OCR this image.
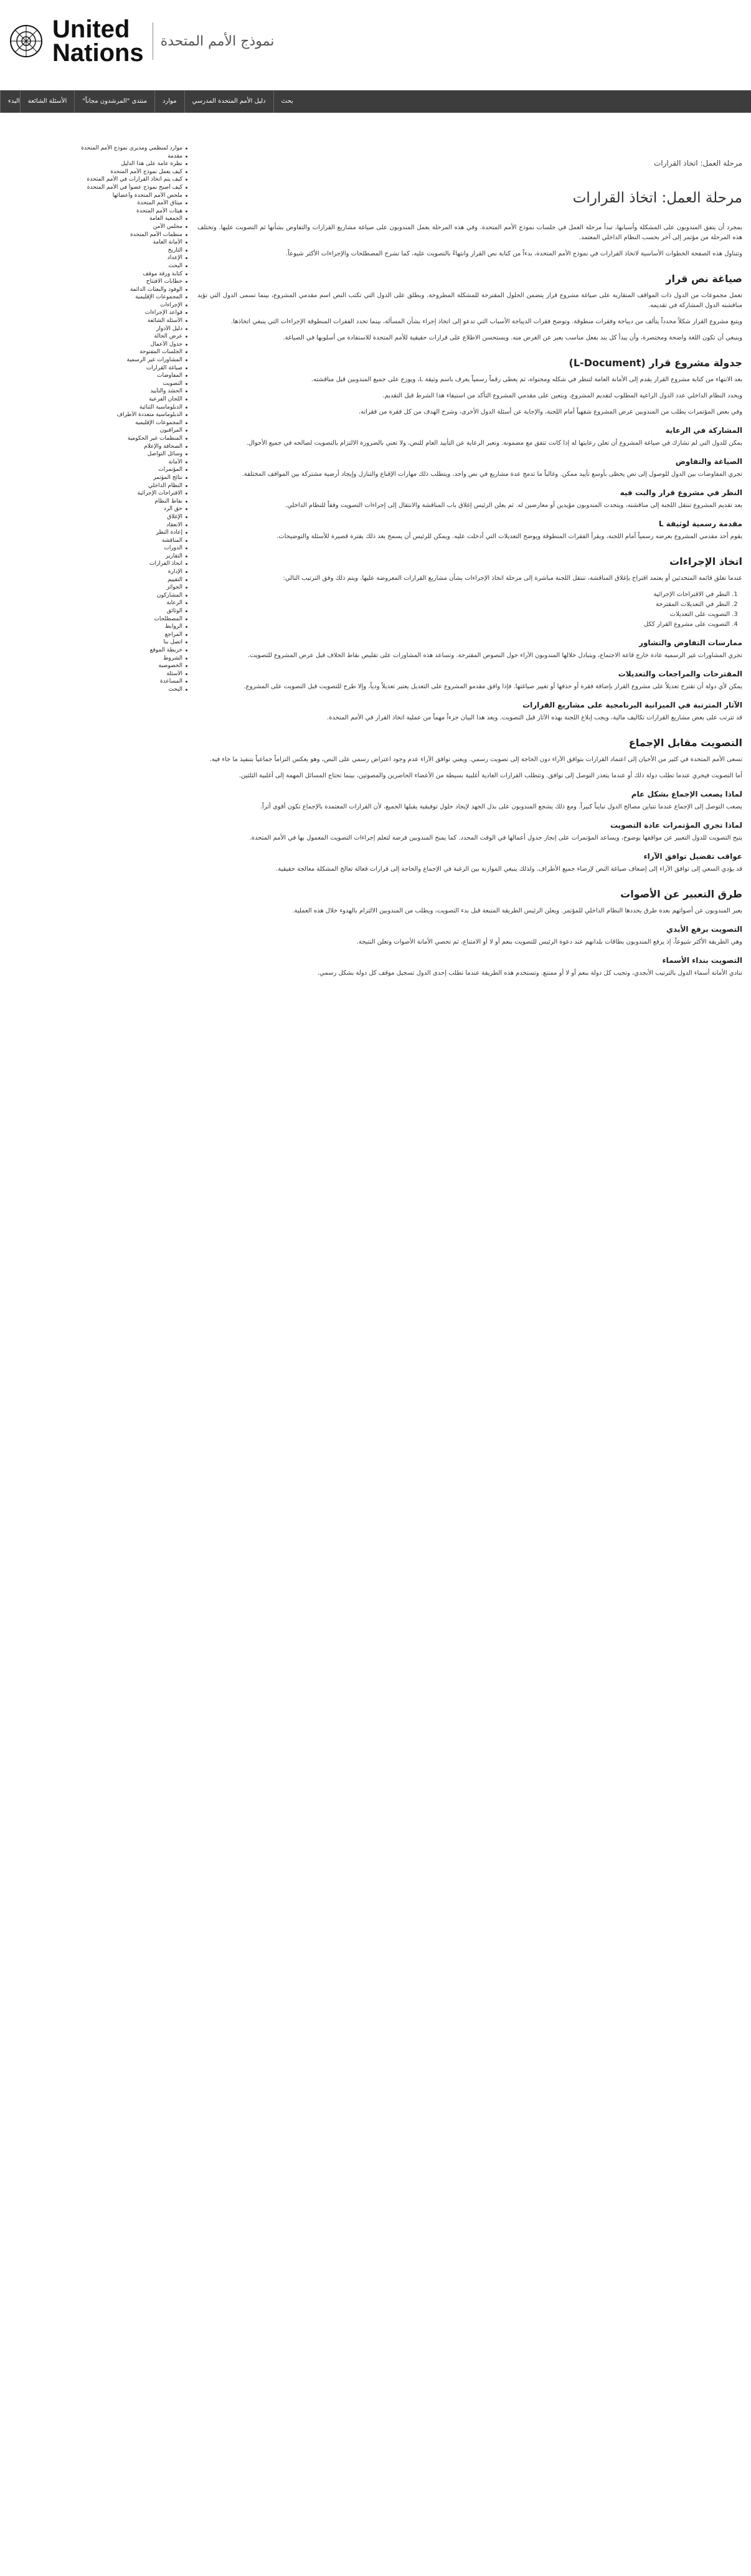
United
Nations نموذج الأمم المتحدة
البدء	الأسئلة الشائعة	منتدى "المرشدون مجاناً"	موارد	دليل الأمم المتحدة المدرسي	بحث
مرحلة العمل: اتخاذ القرارات
مرحلة العمل: اتخاذ القرارات

بمجرد أن يتفق المندوبون على المشكلة وأسبابها، تبدأ مرحلة العمل في جلسات نموذج الأمم المتحدة. وفي هذه المرحلة يعمل المندوبون على صياغة مشاريع القرارات والتفاوض بشأنها ثم التصويت عليها. وتختلف هذه المرحلة من مؤتمر إلى آخر بحسب النظام الداخلي المعتمد.

وتتناول هذه الصفحة الخطوات الأساسية لاتخاذ القرارات في نموذج الأمم المتحدة، بدءاً من كتابة نص القرار وانتهاءً بالتصويت عليه، كما تشرح المصطلحات والإجراءات الأكثر شيوعاً.

صياغة نص قرار

تعمل مجموعات من الدول ذات المواقف المتقاربة على صياغة مشروع قرار يتضمن الحلول المقترحة للمشكلة المطروحة. ويطلق على الدول التي تكتب النص اسم مقدمي المشروع، بينما تسمى الدول التي تؤيد مناقشته الدول المشاركة في تقديمه.

ويتبع مشروع القرار شكلاً محدداً يتألف من ديباجة وفقرات منطوقة. وتوضح فقرات الديباجة الأسباب التي تدعو إلى اتخاذ إجراء بشأن المسألة، بينما تحدد الفقرات المنطوقة الإجراءات التي ينبغي اتخاذها.

وينبغي أن تكون اللغة واضحة ومختصرة، وأن يبدأ كل بند بفعل مناسب يعبر عن الغرض منه. ويستحسن الاطلاع على قرارات حقيقية للأمم المتحدة للاستفادة من أسلوبها في الصياغة.

جدولة مشروع قرار (L-Document)

بعد الانتهاء من كتابة مشروع القرار يقدم إلى الأمانة العامة لتنظر في شكله ومحتواه، ثم يعطى رقماً رسمياً يعرف باسم وثيقة L، ويوزع على جميع المندوبين قبل مناقشته.

ويحدد النظام الداخلي عدد الدول الراعية المطلوب لتقديم المشروع، ويتعين على مقدمي المشروع التأكد من استيفاء هذا الشرط قبل التقديم.

وفي بعض المؤتمرات يطلب من المندوبين عرض المشروع شفهياً أمام اللجنة، والإجابة عن أسئلة الدول الأخرى، وشرح الهدف من كل فقرة من فقراته.

المشاركة في الرعاية

يمكن للدول التي لم تشارك في صياغة المشروع أن تعلن رعايتها له إذا كانت تتفق مع مضمونه. وتعبر الرعاية عن التأييد العام للنص، ولا تعني بالضرورة الالتزام بالتصويت لصالحه في جميع الأحوال.

الصياغة والتفاوض

تجري المفاوضات بين الدول للوصول إلى نص يحظى بأوسع تأييد ممكن. وغالباً ما تدمج عدة مشاريع في نص واحد، ويتطلب ذلك مهارات الإقناع والتنازل وإيجاد أرضية مشتركة بين المواقف المختلفة.

النظر في مشروع قرار والبت فيه

بعد تقديم المشروع تنتقل اللجنة إلى مناقشته، ويتحدث المندوبون مؤيدين أو معارضين له. ثم يعلن الرئيس إغلاق باب المناقشة والانتقال إلى إجراءات التصويت وفقاً للنظام الداخلي.

مقدمة رسمية لوثيقة L

يقوم أحد مقدمي المشروع بعرضه رسمياً أمام اللجنة، ويقرأ الفقرات المنطوقة ويوضح التعديلات التي أدخلت عليه. ويمكن للرئيس أن يسمح بعد ذلك بفترة قصيرة للأسئلة والتوضيحات.

اتخاذ الإجراءات

عندما تغلق قائمة المتحدثين أو يعتمد اقتراح بإغلاق المناقشة، تنتقل اللجنة مباشرة إلى مرحلة اتخاذ الإجراءات بشأن مشاريع القرارات المعروضة عليها. ويتم ذلك وفق الترتيب التالي:

1. النظر في الاقتراحات الإجرائية
2. النظر في التعديلات المقترحة
3. التصويت على التعديلات
4. التصويت على مشروع القرار ككل
ممارسات التفاوض والتشاور

تجري المشاورات غير الرسمية عادة خارج قاعة الاجتماع، ويتبادل خلالها المندوبون الآراء حول النصوص المقترحة. وتساعد هذه المشاورات على تقليص نقاط الخلاف قبل عرض المشروع للتصويت.

المقترحات والمراجعات والتعديلات

يمكن لأي دولة أن تقترح تعديلاً على مشروع القرار بإضافة فقرة أو حذفها أو تغيير صياغتها. فإذا وافق مقدمو المشروع على التعديل يعتبر تعديلاً ودياً، وإلا طرح للتصويت قبل التصويت على المشروع.

الآثار المترتبة في الميزانية البرنامجية على مشاريع القرارات

قد تترتب على بعض مشاريع القرارات تكاليف مالية، ويجب إبلاغ اللجنة بهذه الآثار قبل التصويت. ويعد هذا البيان جزءاً مهماً من عملية اتخاذ القرار في الأمم المتحدة.

التصويت مقابل الإجماع

تسعى الأمم المتحدة في كثير من الأحيان إلى اعتماد القرارات بتوافق الآراء دون الحاجة إلى تصويت رسمي. ويعني توافق الآراء عدم وجود اعتراض رسمي على النص، وهو يعكس التزاماً جماعياً بتنفيذ ما جاء فيه.

أما التصويت فيجري عندما تطلب دولة ذلك أو عندما يتعذر التوصل إلى توافق. وتتطلب القرارات العادية أغلبية بسيطة من الأعضاء الحاضرين والمصوتين، بينما تحتاج المسائل المهمة إلى أغلبية الثلثين.

لماذا يصعب الإجماع بشكل عام

يصعب التوصل إلى الإجماع عندما تتباين مصالح الدول تبايناً كبيراً. ومع ذلك يشجع المندوبون على بذل الجهد لإيجاد حلول توفيقية يقبلها الجميع، لأن القرارات المعتمدة بالإجماع تكون أقوى أثراً.

لماذا تجري المؤتمرات عادة التصويت

يتيح التصويت للدول التعبير عن مواقفها بوضوح، ويساعد المؤتمرات على إنجاز جدول أعمالها في الوقت المحدد. كما يمنح المندوبين فرصة لتعلم إجراءات التصويت المعمول بها في الأمم المتحدة.

عواقب تفضيل توافق الآراء

قد يؤدي السعي إلى توافق الآراء إلى إضعاف صياغة النص لإرضاء جميع الأطراف. ولذلك ينبغي الموازنة بين الرغبة في الإجماع والحاجة إلى قرارات فعالة تعالج المشكلة معالجة حقيقية.

طرق التعبير عن الأصوات

يعبر المندوبون عن أصواتهم بعدة طرق يحددها النظام الداخلي للمؤتمر. ويعلن الرئيس الطريقة المتبعة قبل بدء التصويت، ويطلب من المندوبين الالتزام بالهدوء خلال هذه العملية.

التصويت برفع الأيدي

وهي الطريقة الأكثر شيوعاً، إذ يرفع المندوبون بطاقات بلدانهم عند دعوة الرئيس للتصويت بنعم أو لا أو الامتناع، ثم تحصي الأمانة الأصوات وتعلن النتيجة.

التصويت بنداء الأسماء

تنادي الأمانة أسماء الدول بالترتيب الأبجدي، وتجيب كل دولة بنعم أو لا أو ممتنع. وتستخدم هذه الطريقة عندما تطلب إحدى الدول تسجيل موقف كل دولة بشكل رسمي.

موارد لمنظمي ومديري نموذج الأمم المتحدة
مقدمة
نظرة عامة على هذا الدليل
كيف يعمل نموذج الأمم المتحدة
كيف يتم اتخاذ القرارات في الأمم المتحدة
كيف أصبح نموذج عضواً في الأمم المتحدة
ملخص الأمم المتحدة وأعضائها
ميثاق الأمم المتحدة
هيئات الأمم المتحدة
الجمعية العامة
مجلس الأمن
منظمات الأمم المتحدة
الأمانة العامة
التاريخ
الإعداد
البحث
كتابة ورقة موقف
خطابات الافتتاح
الوفود والبعثات الدائمة
المجموعات الإقليمية
الإجراءات
قواعد الإجراءات
الأسئلة الشائعة
دليل الأدوار
عرض الحالة
جدول الأعمال
الجلسات المفتوحة
المشاورات غير الرسمية
صياغة القرارات
المفاوضات
التصويت
الحشد والتأييد
اللجان الفرعية
الدبلوماسية الثنائية
الدبلوماسية متعددة الأطراف
المجموعات الإقليمية
المراقبون
المنظمات غير الحكومية
الصحافة والإعلام
وسائل التواصل
الأمانة
المؤتمرات
نتائج المؤتمر
النظام الداخلي
الاقتراحات الإجرائية
نقاط النظام
حق الرد
الإغلاق
الانعقاد
إعادة النظر
المناقشة
الدورات
التقارير
اتخاذ القرارات
الإدارة
التقييم
الجوائز
المشاركون
الرعاية
الوثائق
المصطلحات
الروابط
المراجع
اتصل بنا
خريطة الموقع
الشروط
الخصوصية
الأسئلة
المساعدة
البحث
